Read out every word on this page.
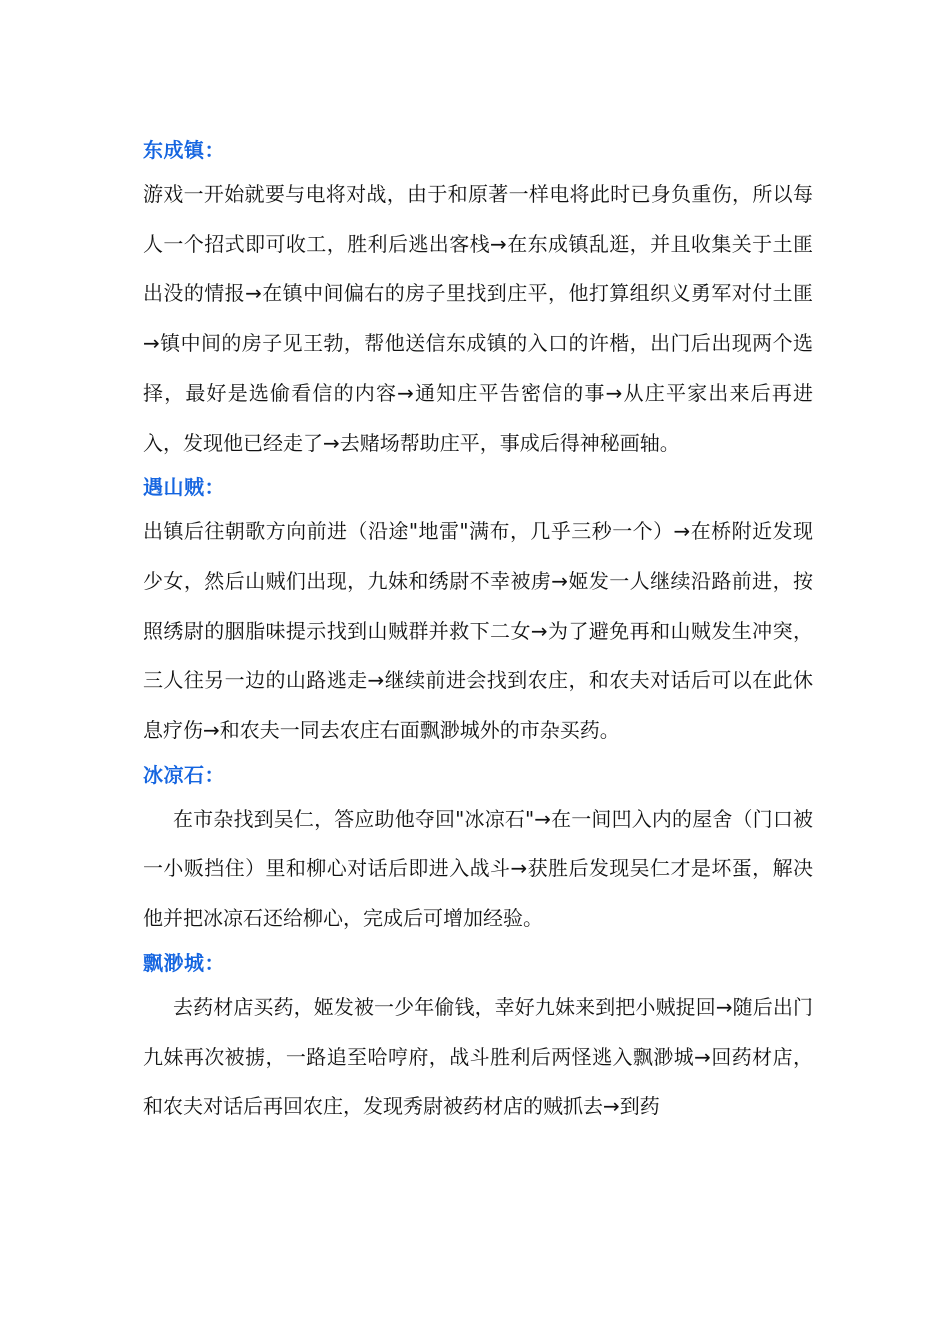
东成镇：

游戏一开始就要与电将对战，由于和原著一样电将此时已身负重伤，所以每人一个招式即可收工，胜利后逃出客栈→在东成镇乱逛，并且收集关于土匪出没的情报→在镇中间偏右的房子里找到庄平，他打算组织义勇军对付土匪→镇中间的房子见王勃，帮他送信东成镇的入口的许楷，出门后出现两个选择，最好是选偷看信的内容→通知庄平告密信的事→从庄平家出来后再进入，发现他已经走了→去赌场帮助庄平，事成后得神秘画轴。

遇山贼：

出镇后往朝歌方向前进（沿途"地雷"满布，几乎三秒一个）→在桥附近发现少女，然后山贼们出现，九妹和绣尉不幸被虏→姬发一人继续沿路前进，按照绣尉的胭脂味提示找到山贼群并救下二女→为了避免再和山贼发生冲突，三人往另一边的山路逃走→继续前进会找到农庄，和农夫对话后可以在此休息疗伤→和农夫一同去农庄右面飘渺城外的市杂买药。

冰凉石：

在市杂找到吴仁，答应助他夺回"冰凉石"→在一间凹入内的屋舍（门口被一小贩挡住）里和柳心对话后即进入战斗→获胜后发现吴仁才是坏蛋，解决他并把冰凉石还给柳心，完成后可增加经验。

飘渺城：

去药材店买药，姬发被一少年偷钱，幸好九妹来到把小贼捉回→随后出门九妹再次被掳，一路追至哈哼府，战斗胜利后两怪逃入飘渺城→回药材店，和农夫对话后再回农庄，发现秀尉被药材店的贼抓去→到药
